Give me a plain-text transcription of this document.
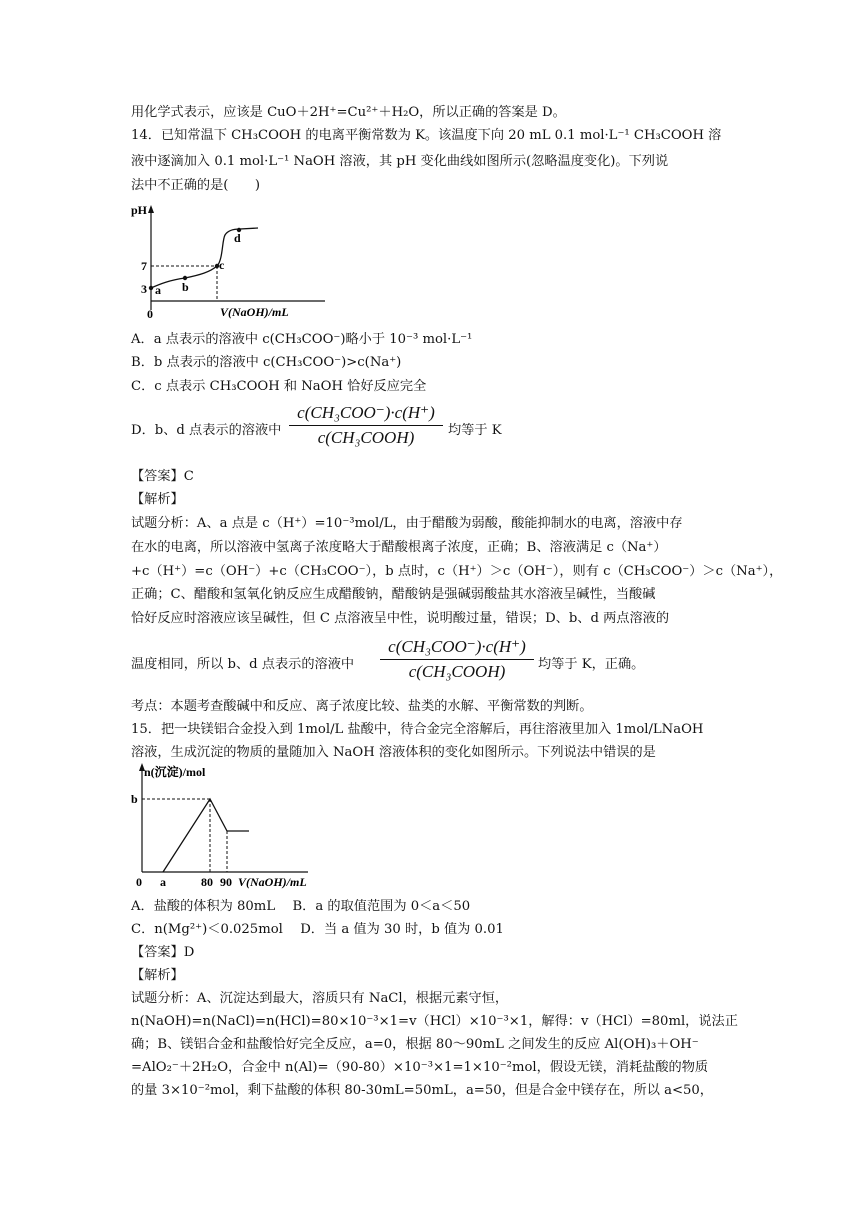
用化学式表示，应该是 CuO＋2H⁺=Cu²⁺＋H₂O，所以正确的答案是 D。
14．已知常温下 CH₃COOH 的电离平衡常数为 K。该温度下向 20 mL 0.1 mol·L⁻¹ CH₃COOH 溶
液中逐滴加入 0.1 mol·L⁻¹ NaOH 溶液，其 pH 变化曲线如图所示(忽略温度变化)。下列说
法中不正确的是(　　)
pH
7
3 a b
c
d
0	V(NaOH)/mL
A．a 点表示的溶液中 c(CH₃COO⁻)略小于 10⁻³ mol·L⁻¹
B．b 点表示的溶液中 c(CH₃COO⁻)>c(Na⁺)
C．c 点表示 CH₃COOH 和 NaOH 恰好反应完全
D．b、d 点表示的溶液中
c(CH₃COO⁻)·c(H⁺)
c(CH₃COOH)	均等于 K
【答案】C
【解析】
试题分析：A、a 点是 c（H⁺）=10⁻³mol/L，由于醋酸为弱酸，酸能抑制水的电离，溶液中存
在水的电离，所以溶液中氢离子浓度略大于醋酸根离子浓度，正确；B、溶液满足 c（Na⁺）
+c（H⁺）=c（OH⁻）+c（CH₃COO⁻），b 点时，c（H⁺）＞c（OH⁻），则有 c（CH₃COO⁻）＞c（Na⁺），
正确；C、醋酸和氢氧化钠反应生成醋酸钠，醋酸钠是强碱弱酸盐其水溶液呈碱性，当酸碱
恰好反应时溶液应该呈碱性，但 C 点溶液呈中性，说明酸过量，错误；D、b、d 两点溶液的
温度相同，所以 b、d 点表示的溶液中
c(CH₃COO⁻)·c(H⁺)
c(CH₃COOH)	均等于 K，正确。
考点：本题考查酸碱中和反应、离子浓度比较、盐类的水解、平衡常数的判断。
15．把一块镁铝合金投入到 1mol/L 盐酸中，待合金完全溶解后，再往溶液里加入 1mol/LNaOH
溶液，生成沉淀的物质的量随加入 NaOH 溶液体积的变化如图所示。下列说法中错误的是
n(沉淀)/mol
b
0 a	80 90 V(NaOH)/mL
A．盐酸的体积为 80mL　 B．a 的取值范围为 0＜a＜50
C．n(Mg²⁺)＜0.025mol　 D．当 a 值为 30 时，b 值为 0.01
【答案】D
【解析】
试题分析：A、沉淀达到最大，溶质只有 NaCl，根据元素守恒，
n(NaOH)=n(NaCl)=n(HCl)=80×10⁻³×1=v（HCl）×10⁻³×1，解得：v（HCl）=80ml，说法正
确；B、镁铝合金和盐酸恰好完全反应，a=0，根据 80～90mL 之间发生的反应 Al(OH)₃＋OH⁻
=AlO₂⁻＋2H₂O，合金中 n(Al)=（90-80）×10⁻³×1=1×10⁻²mol，假设无镁，消耗盐酸的物质
的量 3×10⁻²mol，剩下盐酸的体积 80-30mL=50mL，a=50，但是合金中镁存在，所以 a<50，
